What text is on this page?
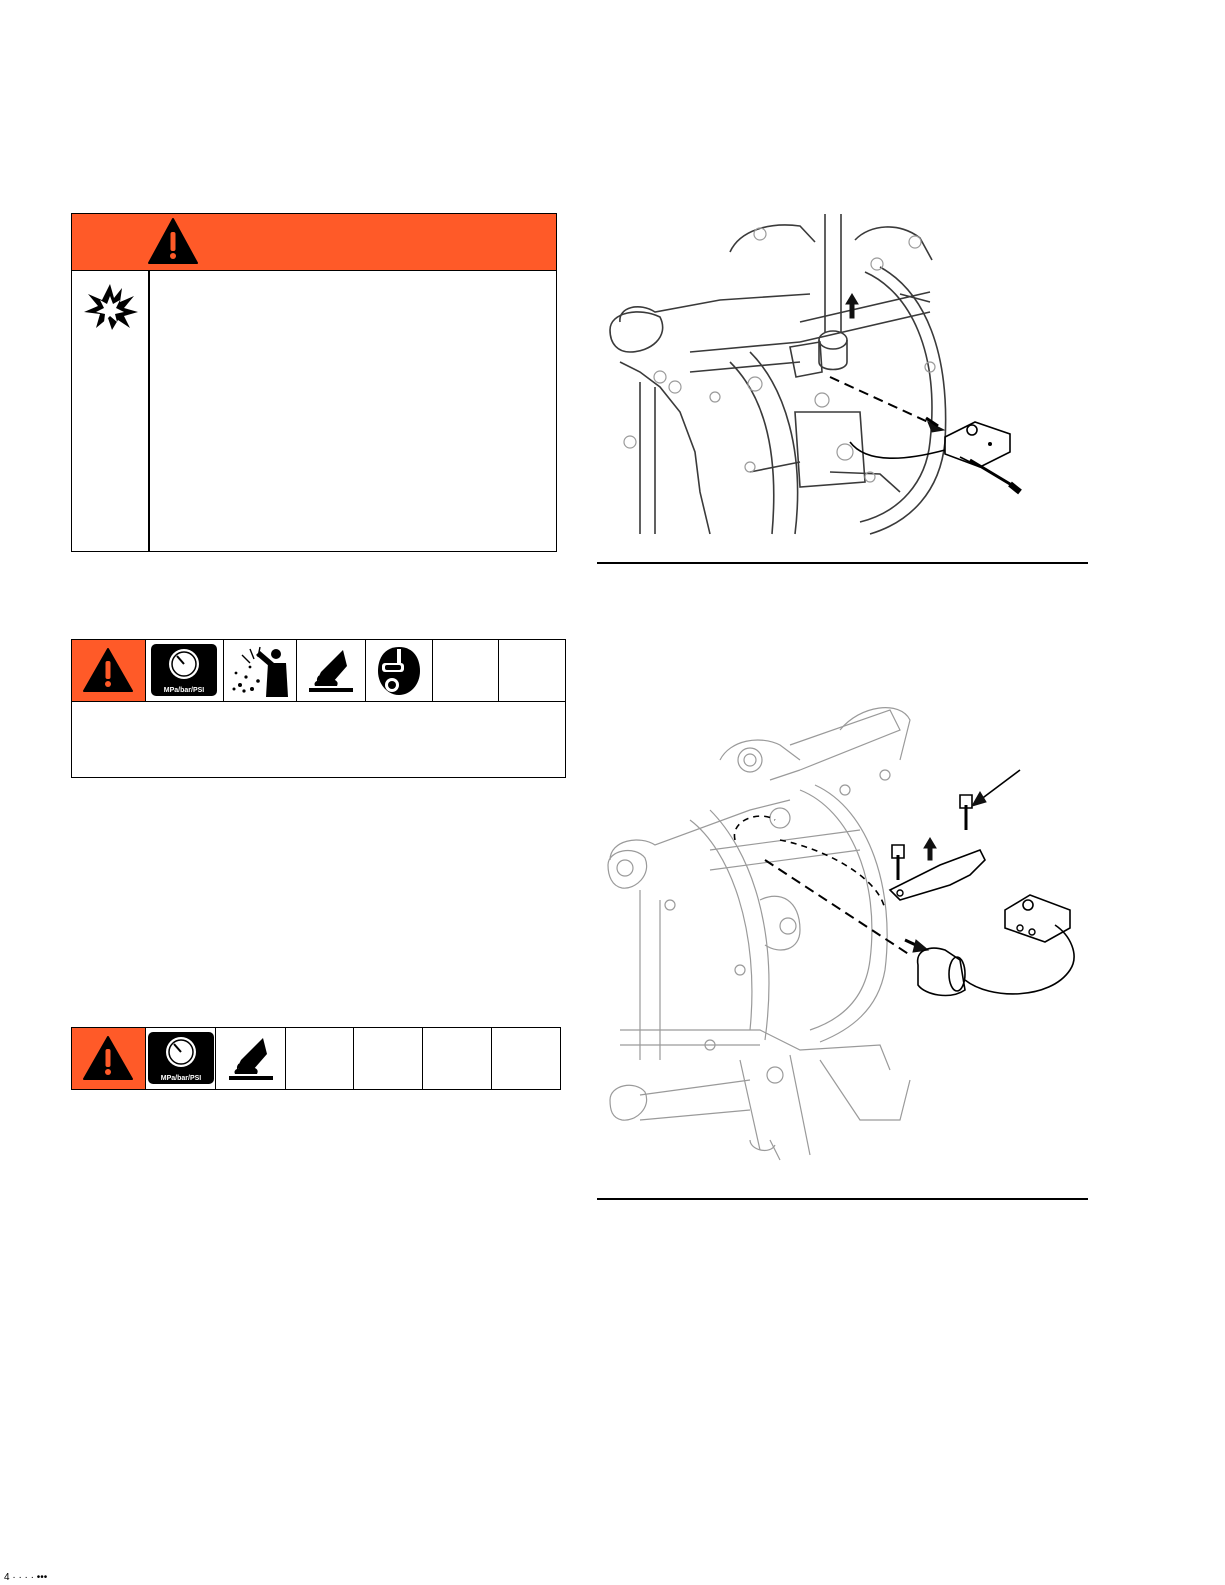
MPa/bar/PSI
MPa/bar/PSI
4 · · · · •••
